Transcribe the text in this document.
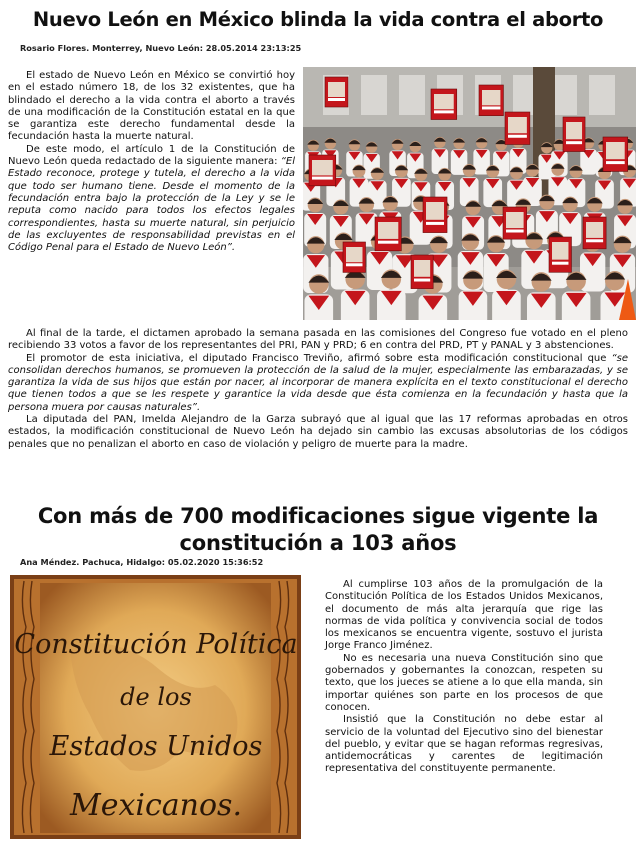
Nuevo León en México blinda la vida contra el aborto
Rosario Flores. Monterrey, Nuevo León: 28.05.2014 23:13:25

El estado de Nuevo León en México se convirtió hoy en el estado número 18, de los 32 existentes, que ha blindado el derecho a la vida contra el aborto a través de una modificación de la Constitución estatal en la que se garantiza este derecho fundamental desde la fecundación hasta la muerte natural.

De este modo, el artículo 1 de la Constitución de Nuevo León queda redactado de la siguiente manera: “El Estado reconoce, protege y tutela, el derecho a la vida que todo ser humano tiene. Desde el momento de la fecundación entra bajo la protección de la Ley y se le reputa como nacido para todos los efectos legales correspondientes, hasta su muerte natural, sin perjuicio de las excluyentes de responsabilidad previstas en el Código Penal para el Estado de Nuevo León”.

Al final de la tarde, el dictamen aprobado la semana pasada en las comisiones del Congreso fue votado en el pleno recibiendo 33 votos a favor de los representantes del PRI, PAN y PRD; 6 en contra del PRD, PT y PANAL y 3 abstenciones.

El promotor de esta iniciativa, el diputado Francisco Treviño, afirmó sobre esta modificación constitucional que “se consolidan derechos humanos, se promueven la protección de la salud de la mujer, especialmente las embarazadas, y se garantiza la vida de sus hijos que están por nacer, al incorporar de manera explícita en el texto constitucional el derecho que tienen todos a que se les respete y garantice la vida desde que ésta comienza en la fecundación y hasta que la persona muera por causas naturales”.

La diputada del PAN, Imelda Alejandro de la Garza subrayó que al igual que las 17 reformas aprobadas en otros estados, la modificación constitucional de Nuevo León ha dejado sin cambio las excusas absolutorias de los códigos penales que no penalizan el aborto en caso de violación y peligro de muerte para la madre.

Con más de 700 modificaciones sigue vigente la constitución a 103 años
Ana Méndez. Pachuca, Hidalgo: 05.02.2020 15:36:52
Constitución Política
de los
Estados Unidos
Mexicanos.

Al cumplirse 103 años de la promulgación de la Constitución Política de los Estados Unidos Mexicanos, el documento de más alta jerarquía que rige las normas de vida política y convivencia social de todos los mexicanos se encuentra vigente, sostuvo el jurista Jorge Franco Jiménez.

No es necesaria una nueva Constitución sino que gobernados y gobernantes la conozcan, respeten su texto, que los jueces se atiene a lo que ella manda, sin importar quiénes son parte en los procesos de que conocen.

Insistió que la Constitución no debe estar al servicio de la voluntad del Ejecutivo sino del bienestar del pueblo, y evitar que se hagan reformas regresivas, antidemocráticas y carentes de legitimación representativa del constituyente permanente.
